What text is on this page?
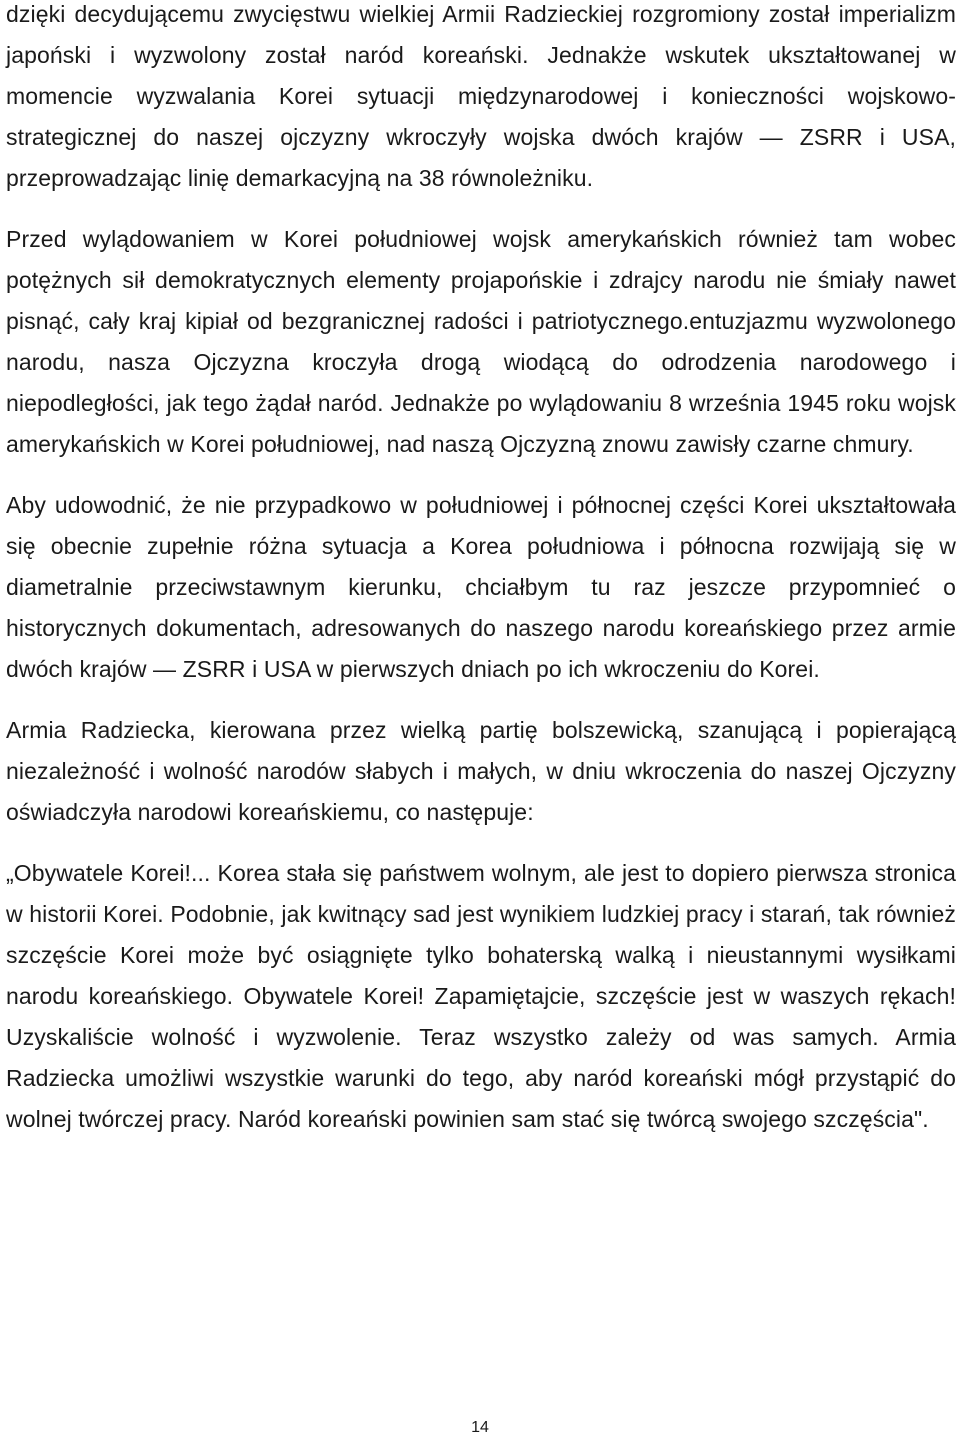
dzięki decydującemu zwycięstwu wielkiej Armii Radzieckiej rozgromiony został imperializm japoński i wyzwolony został naród koreański. Jednakże wskutek ukształtowanej w momencie wyzwalania Korei sytuacji międzynarodowej i konieczności wojskowo-strategicznej do naszej ojczyzny wkroczyły wojska dwóch krajów — ZSRR i USA, przeprowadzając linię demarkacyjną na 38 równoleżniku.

Przed wylądowaniem w Korei południowej wojsk amerykańskich również tam wobec potężnych sił demokratycznych elementy projapońskie i zdrajcy narodu nie śmiały nawet pisnąć, cały kraj kipiał od bezgranicznej radości i patriotycznego.entuzjazmu wyzwolonego narodu, nasza Ojczyzna kroczyła drogą wiodącą do odrodzenia narodowego i niepodległości, jak tego żądał naród. Jednakże po wylądowaniu 8 września 1945 roku wojsk amerykańskich w Korei południowej, nad naszą Ojczyzną znowu zawisły czarne chmury.

Aby udowodnić, że nie przypadkowo w południowej i północnej części Korei ukształtowała się obecnie zupełnie różna sytuacja a Korea południowa i północna rozwijają się w diametralnie przeciwstawnym kierunku, chciałbym tu raz jeszcze przypomnieć o historycznych dokumentach, adresowanych do naszego narodu koreańskiego przez armie dwóch krajów — ZSRR i USA w pierwszych dniach po ich wkroczeniu do Korei.

Armia Radziecka, kierowana przez wielką partię bolszewicką, szanującą i popierającą niezależność i wolność narodów słabych i małych, w dniu wkroczenia do naszej Ojczyzny oświadczyła narodowi koreańskiemu, co następuje:

„Obywatele Korei!... Korea stała się państwem wolnym, ale jest to dopiero pierwsza stronica w historii Korei. Podobnie, jak kwitnący sad jest wynikiem ludzkiej pracy i starań, tak również szczęście Korei może być osiągnięte tylko bohaterską walką i nieustannymi wysiłkami narodu koreańskiego. Obywatele Korei! Zapamiętajcie, szczęście jest w waszych rękach! Uzyskaliście wolność i wyzwolenie. Teraz wszystko zależy od was samych. Armia Radziecka umożliwi wszystkie warunki do tego, aby naród koreański mógł przystąpić do wolnej twórczej pracy. Naród koreański powinien sam stać się twórcą swojego szczęścia".

14
